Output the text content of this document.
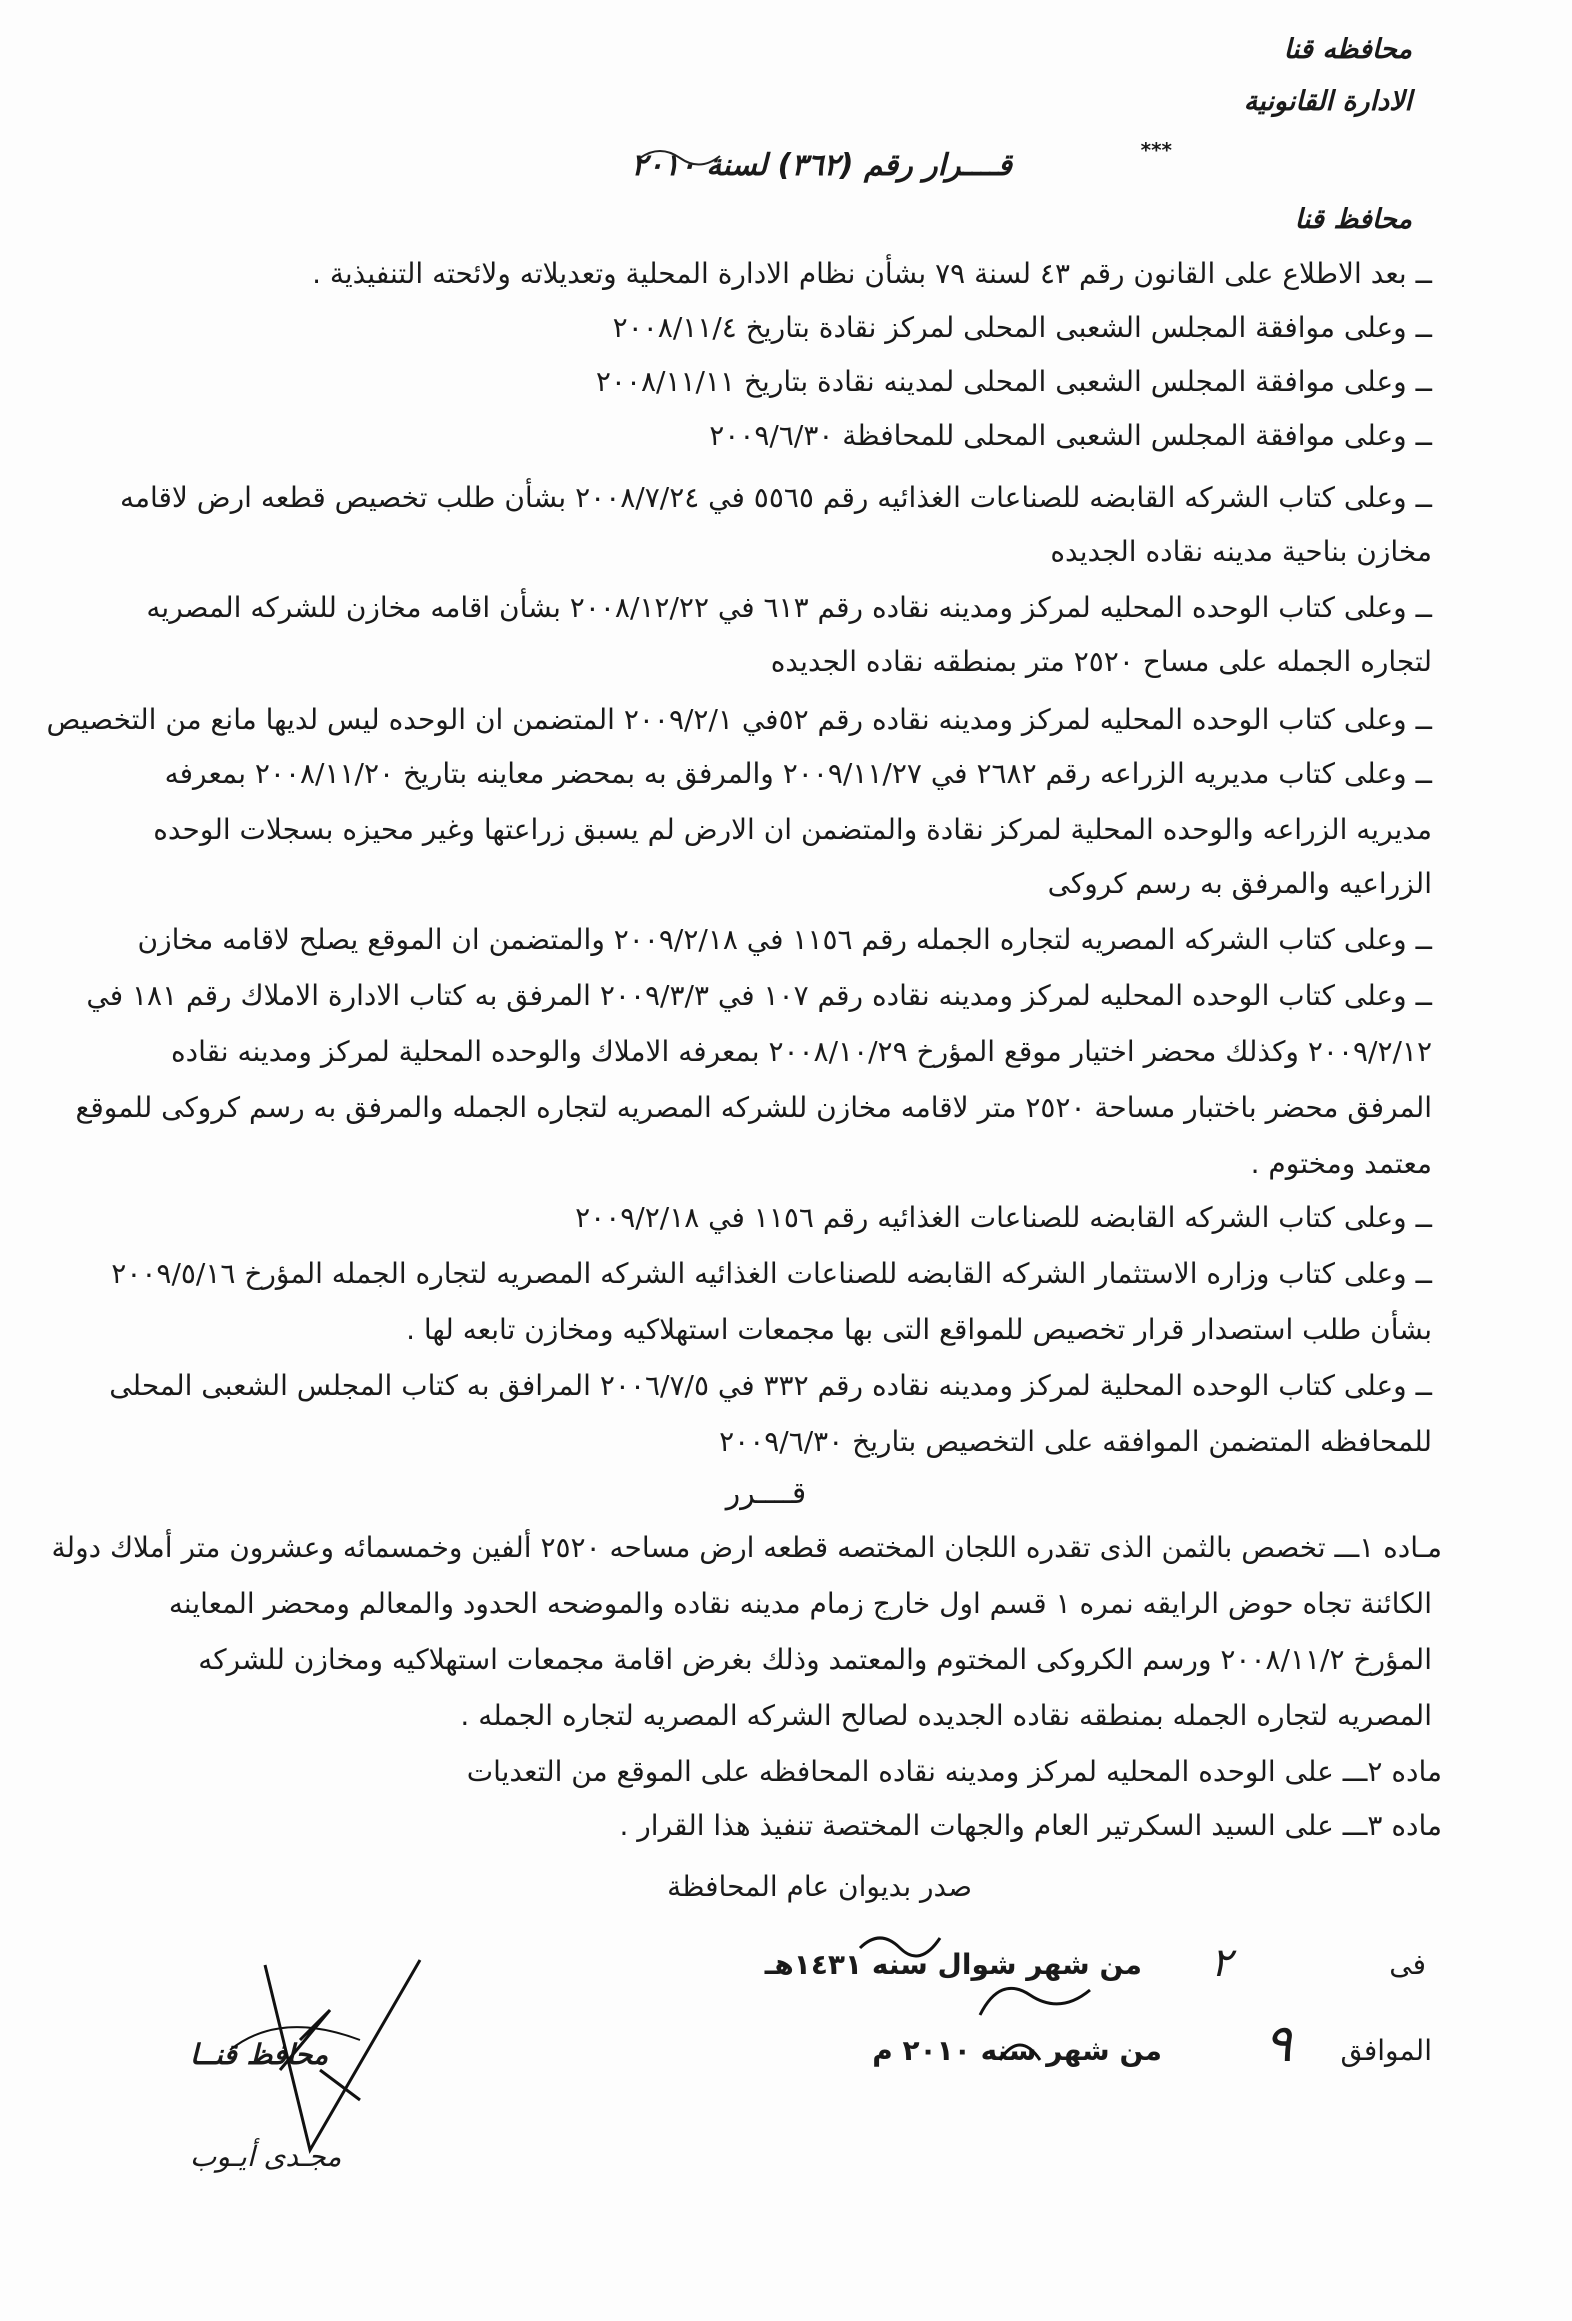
محافظه قنا
الادارة القانونية
***
قــــرار رقم (٣٦٢) لسنة ٢٠١٠
محافظ قنا
ــ بعد الاطلاع على القانون رقم ٤٣ لسنة ٧٩ بشأن نظام الادارة المحلية وتعديلاته ولائحته التنفيذية .
ــ وعلى موافقة المجلس الشعبى المحلى لمركز نقادة بتاريخ ٢٠٠٨/١١/٤
ــ وعلى موافقة المجلس الشعبى المحلى لمدينه نقادة بتاريخ ٢٠٠٨/١١/١١
ــ وعلى موافقة المجلس الشعبى المحلى للمحافظة ٢٠٠٩/٦/٣٠
ــ وعلى كتاب الشركه القابضه للصناعات الغذائيه رقم ٥٥٦٥ في ٢٠٠٨/٧/٢٤ بشأن طلب تخصيص قطعه ارض لاقامه
مخازن بناحية مدينه نقاده الجديده
ــ وعلى كتاب الوحده المحليه لمركز ومدينه نقاده رقم ٦١٣ في ٢٠٠٨/١٢/٢٢ بشأن اقامه مخازن للشركه المصريه
لتجاره الجمله على مساح ٢٥٢٠ متر بمنطقه نقاده الجديده
ــ وعلى كتاب الوحده المحليه لمركز ومدينه نقاده رقم ٥٢في ٢٠٠٩/٢/١ المتضمن ان الوحده ليس لديها مانع من التخصيص
ــ وعلى كتاب مديريه الزراعه رقم ٢٦٨٢ في ٢٠٠٩/١١/٢٧ والمرفق به بمحضر معاينه بتاريخ ٢٠٠٨/١١/٢٠ بمعرفه
مديريه الزراعه والوحده المحلية لمركز نقادة والمتضمن ان الارض لم يسبق زراعتها وغير محيزه بسجلات الوحده
الزراعيه والمرفق به رسم كروكى
ــ وعلى كتاب الشركه المصريه لتجاره الجمله رقم ١١٥٦ في ٢٠٠٩/٢/١٨ والمتضمن ان الموقع يصلح لاقامه مخازن
ــ وعلى كتاب الوحده المحليه لمركز ومدينه نقاده رقم ١٠٧ في ٢٠٠٩/٣/٣ المرفق به كتاب الادارة الاملاك رقم ١٨١ في
٢٠٠٩/٢/١٢ وكذلك محضر اختيار موقع المؤرخ ٢٠٠٨/١٠/٢٩ بمعرفه الاملاك والوحده المحلية لمركز ومدينه نقاده
المرفق محضر باختبار مساحة ٢٥٢٠ متر لاقامه مخازن للشركه المصريه لتجاره الجمله والمرفق به رسم كروكى للموقع
معتمد ومختوم .
ــ وعلى كتاب الشركه القابضه للصناعات الغذائيه رقم ١١٥٦ في ٢٠٠٩/٢/١٨
ــ وعلى كتاب وزاره الاستثمار الشركه القابضه للصناعات الغذائيه الشركه المصريه لتجاره الجمله المؤرخ ٢٠٠٩/٥/١٦
بشأن طلب استصدار قرار تخصيص للمواقع التى بها مجمعات استهلاكيه ومخازن تابعه لها .
ــ وعلى كتاب الوحده المحلية لمركز ومدينه نقاده رقم ٣٣٢ في ٢٠٠٦/٧/٥ المرافق به كتاب المجلس الشعبى المحلى
للمحافظه المتضمن الموافقه على التخصيص بتاريخ ٢٠٠٩/٦/٣٠
قــــرر
مـاده ١ـــ تخصص بالثمن الذى تقدره اللجان المختصه قطعه ارض مساحه ٢٥٢٠ ألفين وخمسمائه وعشرون متر أملاك دولة
الكائنة تجاه حوض الرايقه نمره ١ قسم اول خارج زمام مدينه نقاده والموضحه الحدود والمعالم ومحضر المعاينه
المؤرخ ٢٠٠٨/١١/٢ ورسم الكروكى المختوم والمعتمد وذلك بغرض اقامة مجمعات استهلاكيه ومخازن للشركه
المصريه لتجاره الجمله بمنطقه نقاده الجديده لصالح الشركه المصريه لتجاره الجمله .
ماده ٢ـــ على الوحده المحليه لمركز ومدينه نقاده المحافظه على الموقع من التعديات
ماده ٣ـــ على السيد السكرتير العام والجهات المختصة تنفيذ هذا القرار .
صدر بديوان عام المحافظة
فى
٢
من شهر شوال سنه ١٤٣١هـ
الموافق
٩
من شهر سنه ٢٠١٠ م
محافظ قنــا
مجـدى أيـوب
